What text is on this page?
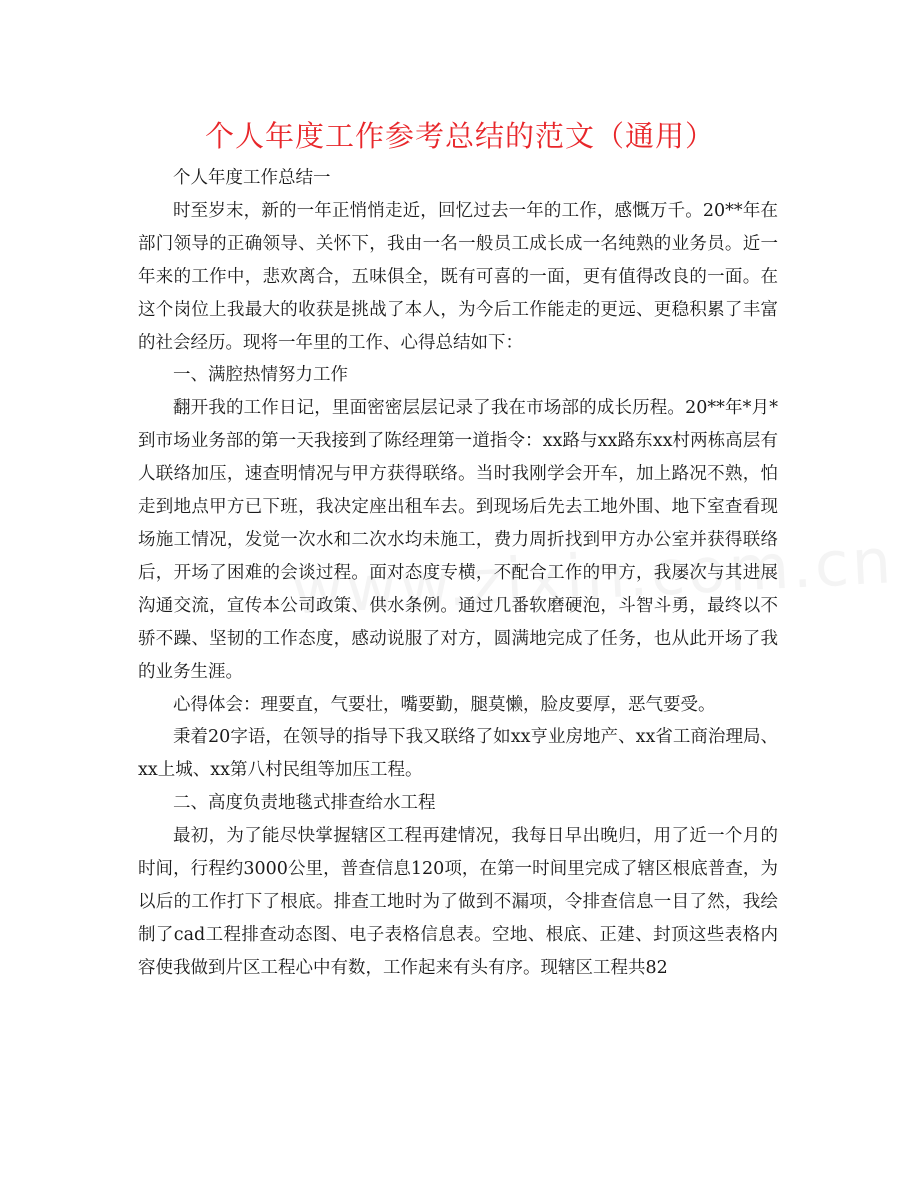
个人年度工作参考总结的范文（通用）

个人年度工作总结一

时至岁末，新的一年正悄悄走近，回忆过去一年的工作，感慨万千。20**年在部门领导的正确领导、关怀下，我由一名一般员工成长成一名纯熟的业务员。近一年来的工作中，悲欢离合，五味俱全，既有可喜的一面，更有值得改良的一面。在这个岗位上我最大的收获是挑战了本人，为今后工作能走的更远、更稳积累了丰富的社会经历。现将一年里的工作、心得总结如下：

一、满腔热情努力工作

翻开我的工作日记，里面密密层层记录了我在市场部的成长历程。20**年*月*到市场业务部的第一天我接到了陈经理第一道指令：xx路与xx路东xx村两栋高层有人联络加压，速查明情况与甲方获得联络。当时我刚学会开车，加上路况不熟，怕走到地点甲方已下班，我决定座出租车去。到现场后先去工地外围、地下室查看现场施工情况，发觉一次水和二次水均未施工，费力周折找到甲方办公室并获得联络后，开场了困难的会谈过程。面对态度专横，不配合工作的甲方，我屡次与其进展沟通交流，宣传本公司政策、供水条例。通过几番软磨硬泡，斗智斗勇，最终以不骄不躁、坚韧的工作态度，感动说服了对方，圆满地完成了任务，也从此开场了我的业务生涯。

心得体会：理要直，气要壮，嘴要勤，腿莫懒，脸皮要厚，恶气要受。

秉着20字语，在领导的指导下我又联络了如xx亨业房地产、xx省工商治理局、xx上城、xx第八村民组等加压工程。

二、高度负责地毯式排查给水工程

最初，为了能尽快掌握辖区工程再建情况，我每日早出晚归，用了近一个月的时间，行程约3000公里，普查信息120项，在第一时间里完成了辖区根底普查，为以后的工作打下了根底。排查工地时为了做到不漏项，令排查信息一目了然，我绘制了cad工程排查动态图、电子表格信息表。空地、根底、正建、封顶这些表格内容使我做到片区工程心中有数，工作起来有头有序。现辖区工程共82
